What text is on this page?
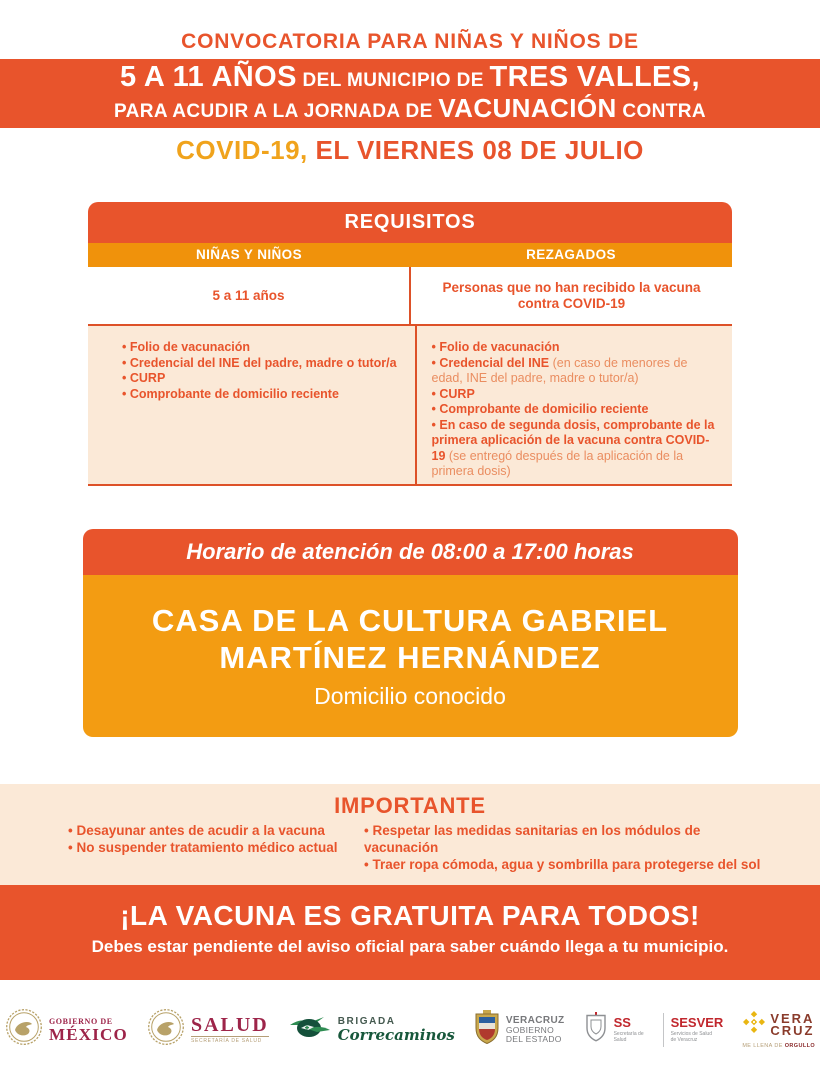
CONVOCATORIA PARA NIÑAS Y NIÑOS DE
5 A 11 AÑOS DEL MUNICIPIO DE TRES VALLES,
PARA ACUDIR A LA JORNADA DE VACUNACIÓN CONTRA
COVID-19, EL VIERNES 08 DE JULIO
REQUISITOS
NIÑAS Y NIÑOS	REZAGADOS
5 a 11 años
Personas que no han recibido la vacuna contra COVID-19
• Folio de vacunación
• Credencial del INE del padre, madre o tutor/a
• CURP
• Comprobante de domicilio reciente
• Folio de vacunación
• Credencial del INE (en caso de menores de edad, INE del padre, madre o tutor/a)
• CURP
• Comprobante de domicilio reciente
• En caso de segunda dosis, comprobante de la primera aplicación de la vacuna contra COVID-19 (se entregó después de la aplicación de la primera dosis)
Horario de atención de 08:00 a 17:00 horas
CASA DE LA CULTURA GABRIEL
MARTÍNEZ HERNÁNDEZ
Domicilio conocido
IMPORTANTE
• Desayunar antes de acudir a la vacuna
• No suspender tratamiento médico actual
• Respetar las medidas sanitarias en los módulos de vacunación
• Traer ropa cómoda, agua y sombrilla para protegerse del sol
¡LA VACUNA ES GRATUITA PARA TODOS!
Debes estar pendiente del aviso oficial para saber cuándo llega a tu municipio.
GOBIERNO DE
MÉXICO	SALUD
SECRETARÍA DE SALUD
BRIGADA
Correcaminos
VERACRUZ
GOBIERNO
DEL ESTADO
SS
Secretaría de Salud
SESVER
Servicios de Salud de Veracruz
VERA
CRUZ
ME LLENA DE ORGULLO
